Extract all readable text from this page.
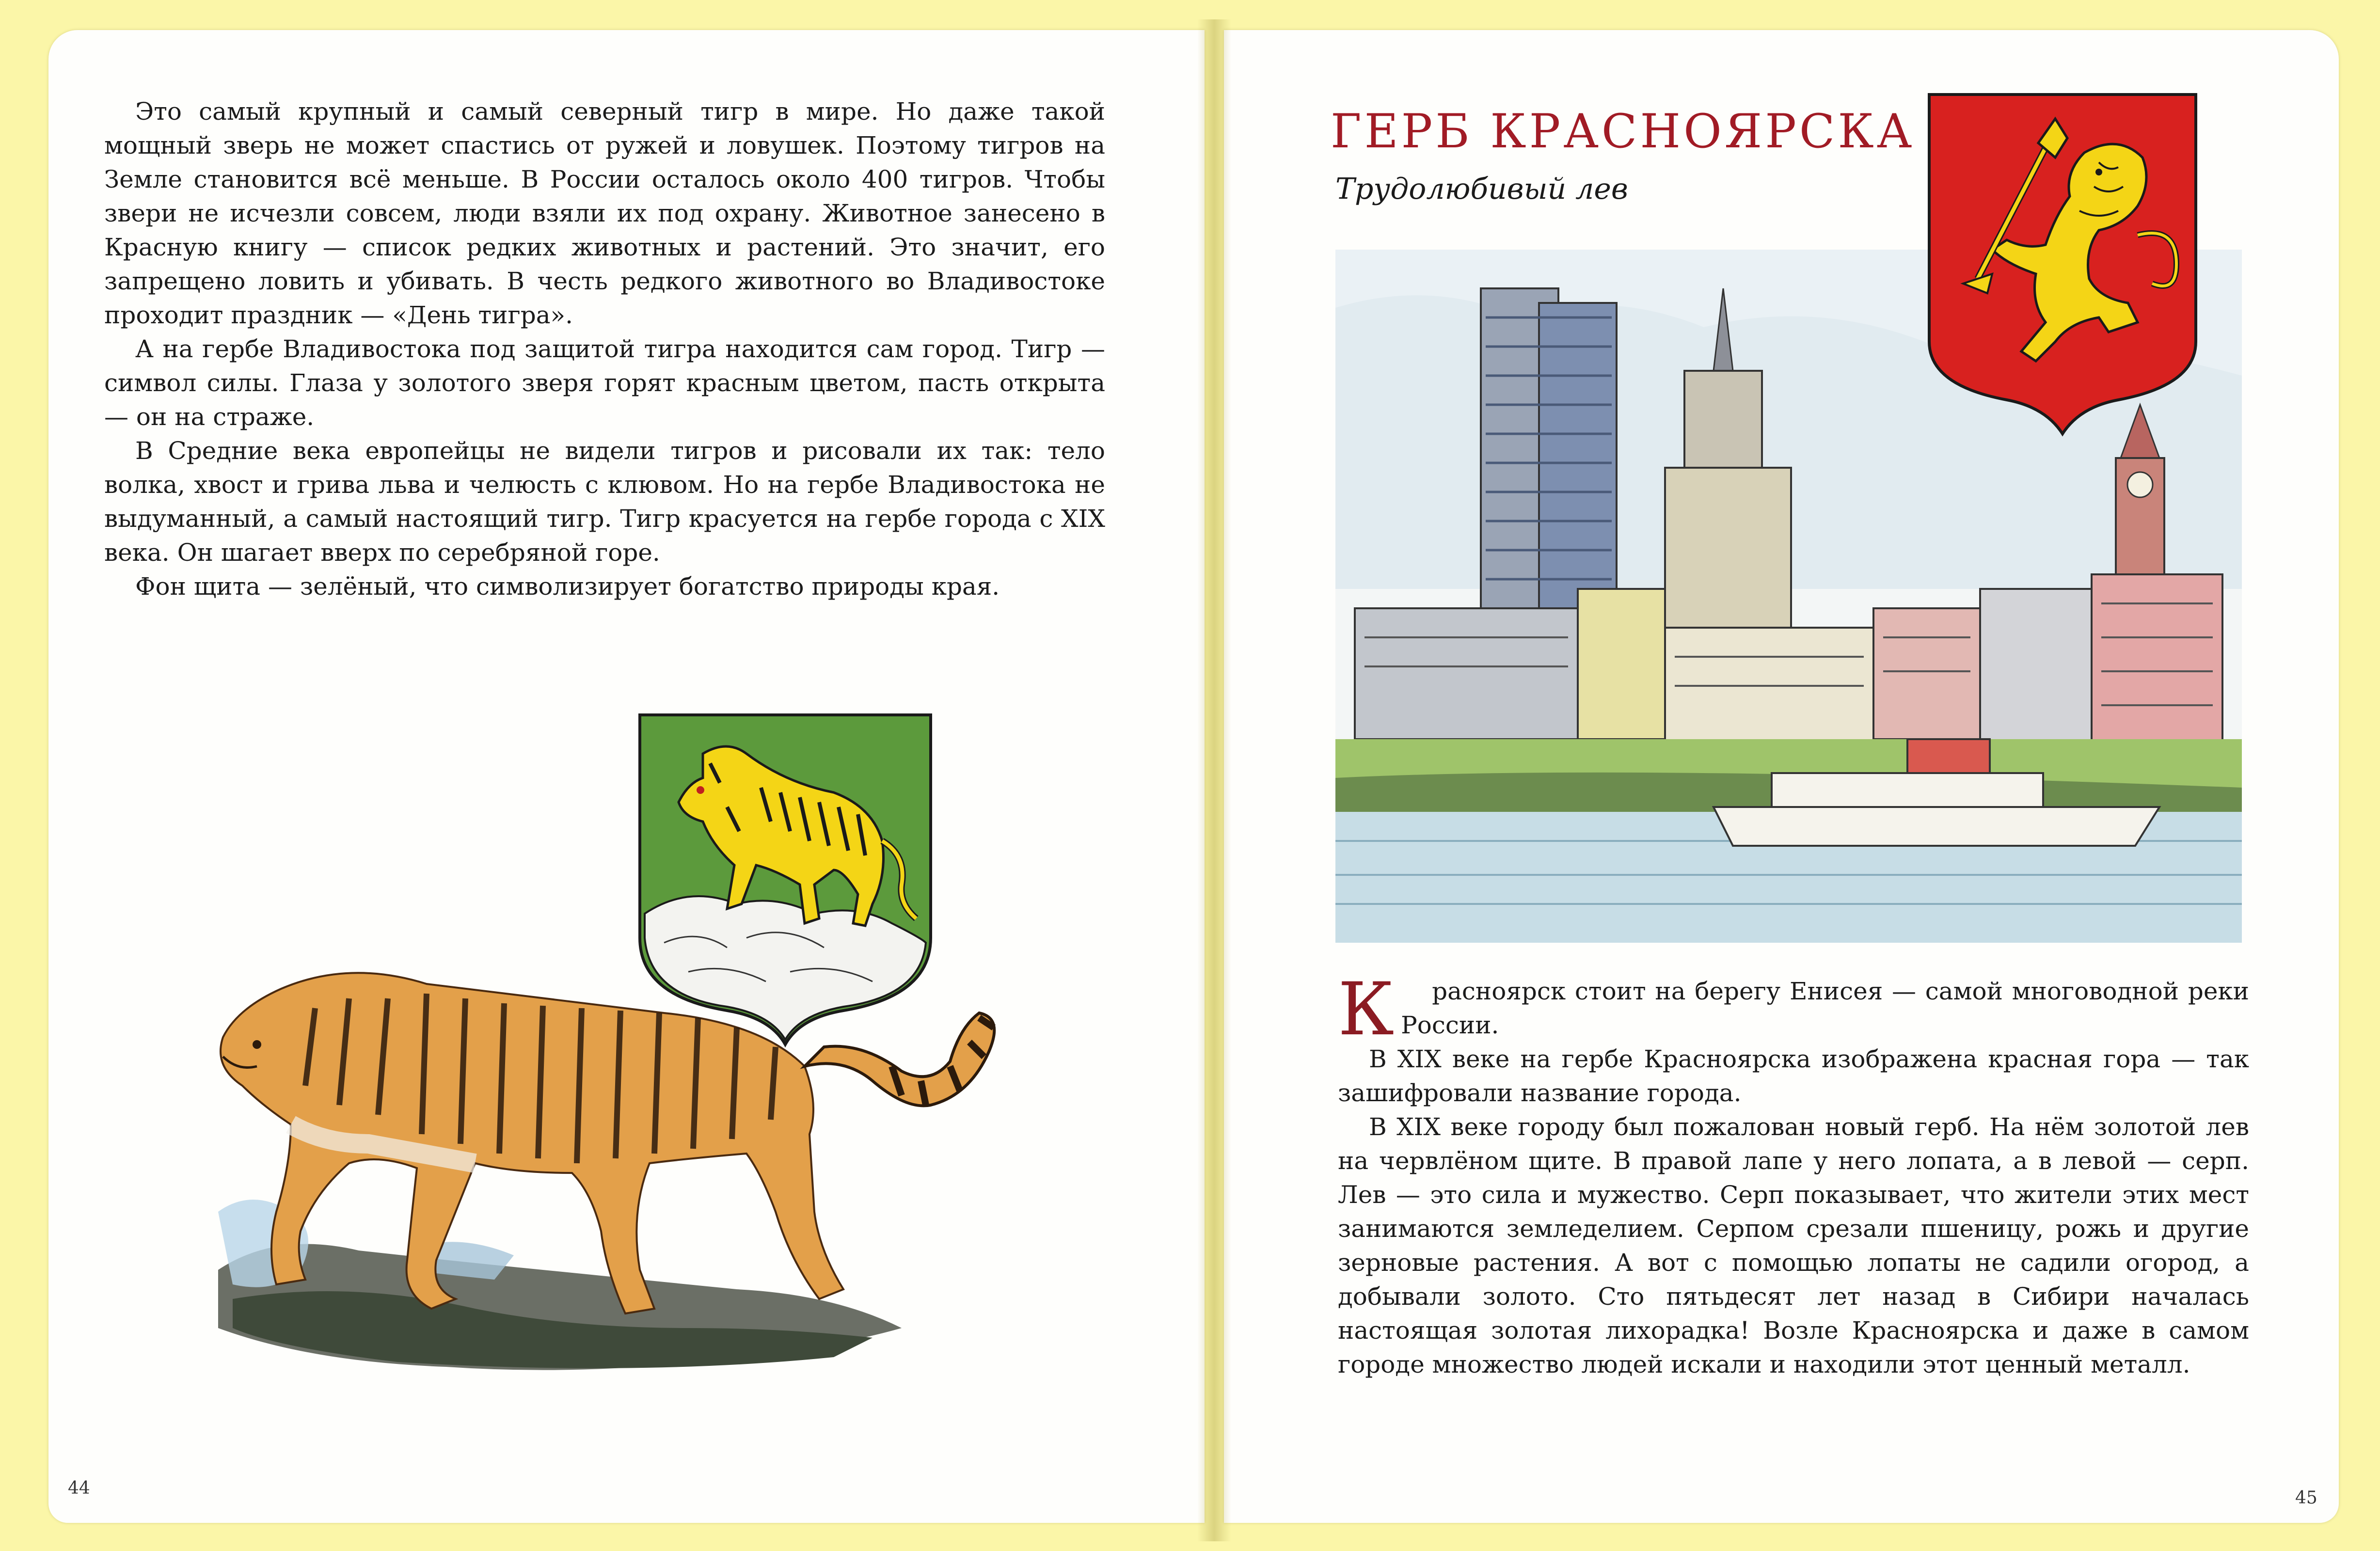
Это самый крупный и самый северный тигр в мире. Но даже такой мощный зверь не может спастись от ружей и ловушек. Поэтому тигров на Земле становится всё меньше. В России осталось около 400 тигров. Чтобы звери не исчезли совсем, люди взяли их под охрану. Животное занесено в Красную книгу — список редких животных и растений. Это значит, его запрещено ловить и убивать. В честь редкого животного во Владивостоке проходит праздник — «День тигра».

А на гербе Владивостока под защитой тигра находится сам город. Тигр — символ силы. Глаза у золотого зверя горят красным цветом, пасть открыта — он на страже.

В Средние века европейцы не видели тигров и рисовали их так: тело волка, хвост и грива льва и челюсть с клювом. Но на гербе Владивостока не выдуманный, а самый настоящий тигр. Тигр красуется на гербе города с XIX века. Он шагает вверх по серебряной горе.

Фон щита — зелёный, что символизирует богатство природы края.

44
ГЕРБ КРАСНОЯРСКА
Трудолюбивый лев

К расноярск стоит на берегу Енисея — самой многоводной реки России.

В XIX веке на гербе Красноярска изображена красная гора — так зашифровали название города.

В XIX веке городу был пожалован новый герб. На нём золотой лев на червлёном щите. В правой лапе у него лопата, а в левой — серп. Лев — это сила и мужество. Серп показывает, что жители этих мест занимаются земледелием. Серпом срезали пшеницу, рожь и другие зерновые растения. А вот с помощью лопаты не садили огород, а добывали золото. Сто пятьдесят лет назад в Сибири началась настоящая золотая лихорадка! Возле Красноярска и даже в самом городе множество людей искали и находили этот ценный металл.

45
